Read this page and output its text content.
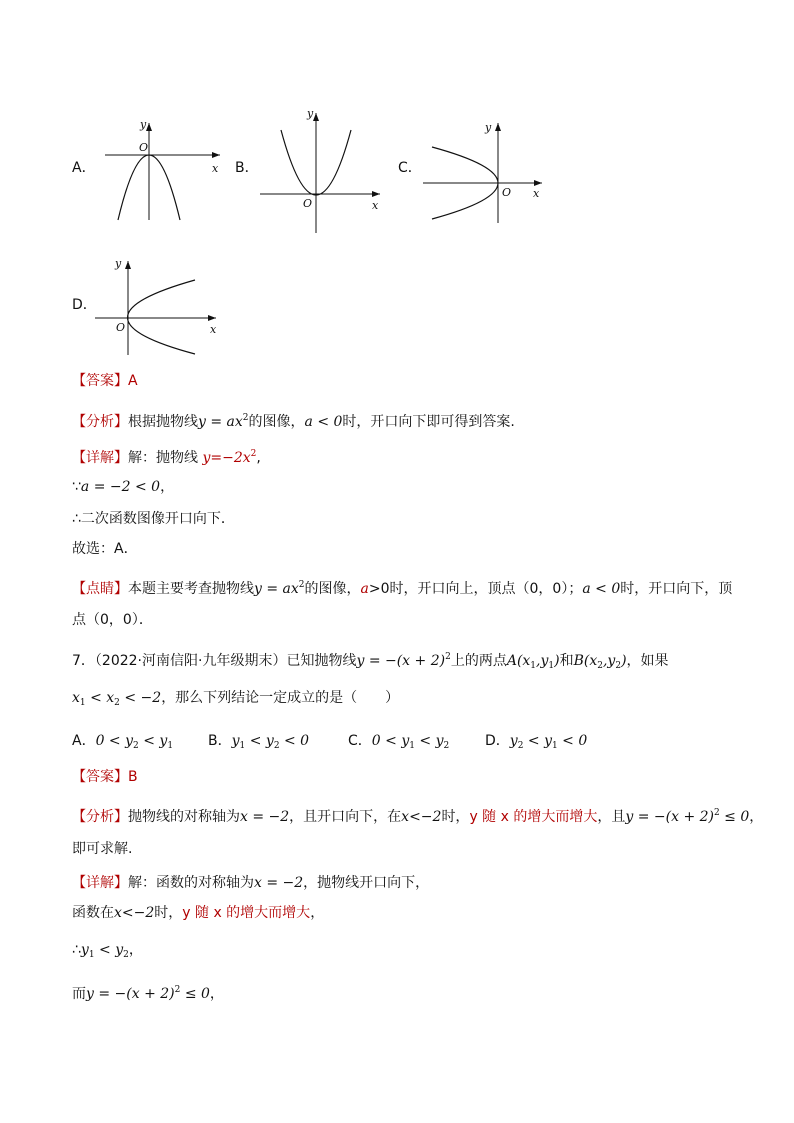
A．	x
y
O
B．
x
y
O
C．
x
y
O
D．
x
y
O
【答案】A
【分析】根据抛物线$y = ax^2$的图像，a < 0时，开口向下即可得到答案.
【详解】解：抛物线 $y=-2x^2$,
∵a = −2 < 0，
∴二次函数图像开口向下．
故选：A．
【点睛】本题主要考查抛物线$y = ax^2$的图像，a>0时，开口向上，顶点（0，0）；a < 0时，开口向下，顶
点（0，0）．
7．（2022·河南信阳·九年级期末）已知抛物线$y = -(x + 2)^2$上的两点$A(x_1,y_1)$和$B(x_2,y_2)$，如果
$x_1 < x_2 < -2$，那么下列结论一定成立的是（　　）
A．$0 < y_2 < y_1$ B．$y_1 < y_2 < 0$	C．$0 < y_1 < y_2$	D．$y_2 < y_1 < 0$
【答案】B
【分析】抛物线的对称轴为x = −2，且开口向下，在x<−2时，y 随 x 的增大而增大，且$y = -(x + 2)^2 \le 0$，
即可求解.
【详解】解：函数的对称轴为x = −2，抛物线开口向下，
函数在x<−2时，y 随 x 的增大而增大，
$\therefore y_1 < y_2$，
而$y = -(x + 2)^2 \le 0$，
